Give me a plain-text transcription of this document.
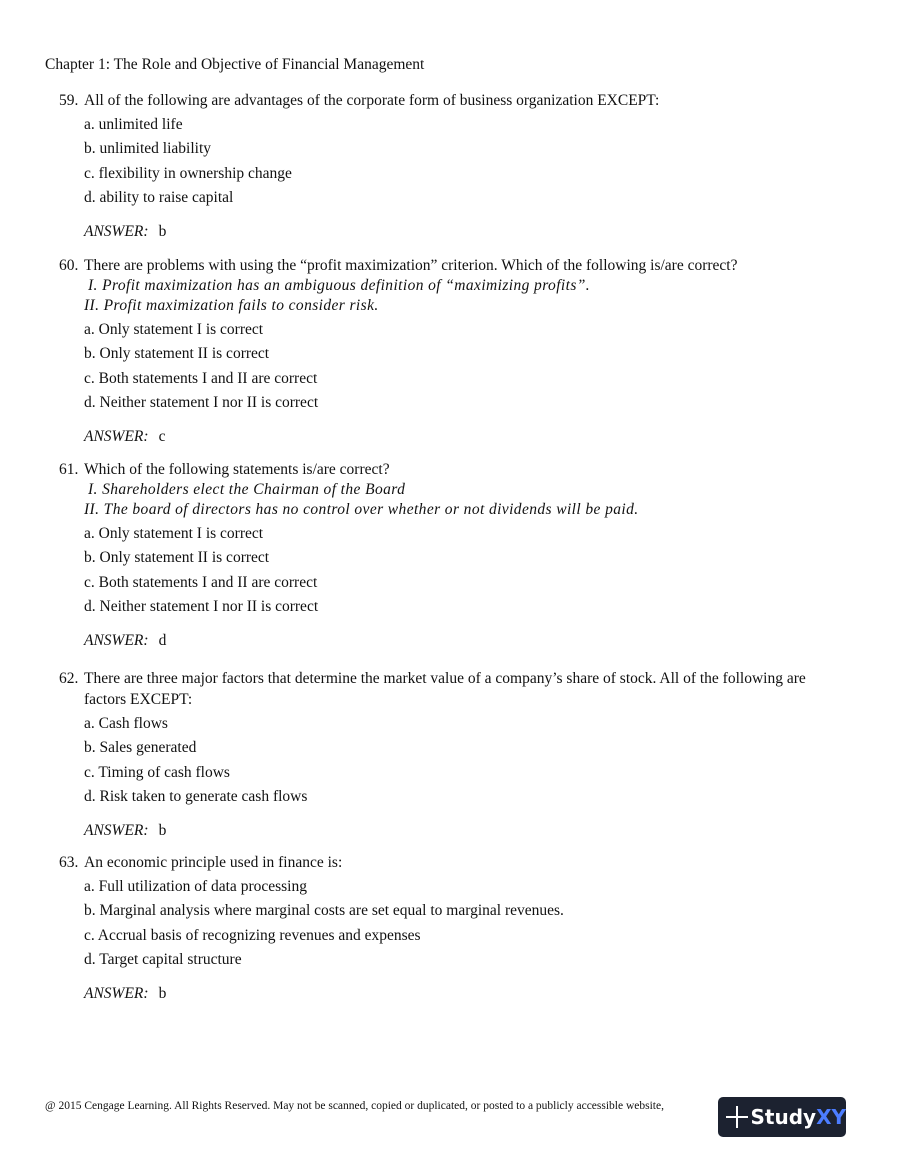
Chapter 1: The Role and Objective of Financial Management
59. All of the following are advantages of the corporate form of business organization EXCEPT:
a. unlimited life
b. unlimited liability
c. flexibility in ownership change
d. ability to raise capital
ANSWER: b
60. There are problems with using the “profit maximization” criterion. Which of the following is/are correct?
I. Profit maximization has an ambiguous definition of “maximizing profits”.
II. Profit maximization fails to consider risk.
a. Only statement I is correct
b. Only statement II is correct
c. Both statements I and II are correct
d. Neither statement I nor II is correct
ANSWER: c
61. Which of the following statements is/are correct?
I. Shareholders elect the Chairman of the Board
II. The board of directors has no control over whether or not dividends will be paid.
a. Only statement I is correct
b. Only statement II is correct
c. Both statements I and II are correct
d. Neither statement I nor II is correct
ANSWER: d
62. There are three major factors that determine the market value of a company’s share of stock. All of the following are factors EXCEPT:
a. Cash flows
b. Sales generated
c. Timing of cash flows
d. Risk taken to generate cash flows
ANSWER: b
63. An economic principle used in finance is:
a. Full utilization of data processing
b. Marginal analysis where marginal costs are set equal to marginal revenues.
c. Accrual basis of recognizing revenues and expenses
d. Target capital structure
ANSWER: b
@ 2015 Cengage Learning. All Rights Reserved. May not be scanned, copied or duplicated, or posted to a publicly accessible website,	Study XY
